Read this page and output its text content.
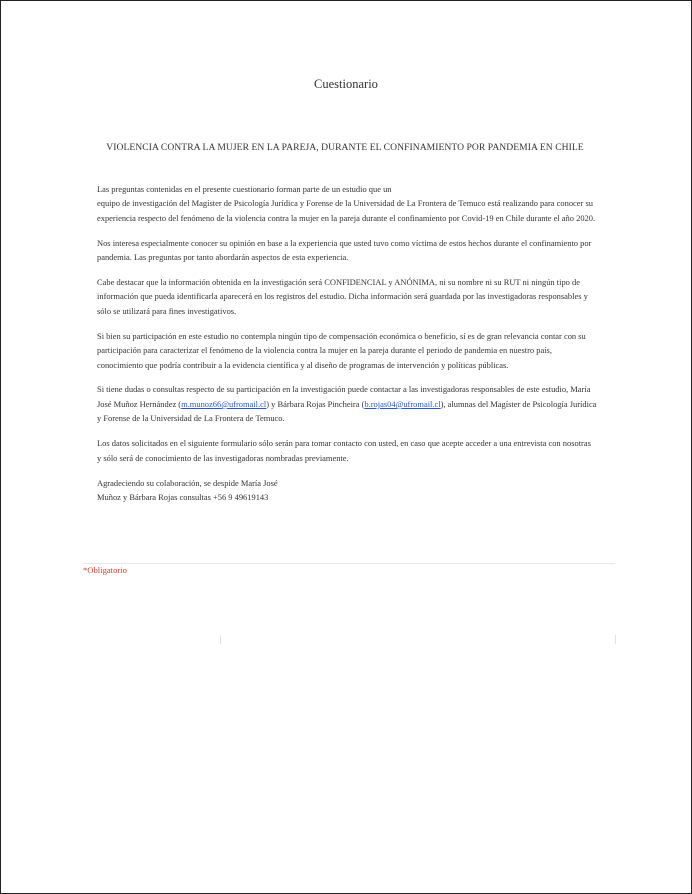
Cuestionario
VIOLENCIA CONTRA LA MUJER EN LA PAREJA, DURANTE EL CONFINAMIENTO POR PANDEMIA EN CHILE

Las preguntas contenidas en el presente cuestionario forman parte de un estudio que un
equipo de investigación del Magíster de Psicología Jurídica y Forense de la Universidad de La Frontera de Temuco está realizando para conocer su experiencia respecto del fenómeno de la violencia contra la mujer en la pareja durante el confinamiento por Covid-19 en Chile durante el año 2020.

Nos interesa especialmente conocer su opinión en base a la experiencia que usted tuvo como víctima de estos hechos durante el confinamiento por pandemia. Las preguntas por tanto abordarán aspectos de esta experiencia.

Cabe destacar que la información obtenida en la investigación será CONFIDENCIAL y ANÓNIMA, ni su nombre ni su RUT ni ningún tipo de información que pueda identificarla aparecerá en los registros del estudio. Dicha información será guardada por las investigadoras responsables y sólo se utilizará para fines investigativos.

Si bien su participación en este estudio no contempla ningún tipo de compensación económica o beneficio, sí es de gran relevancia contar con su participación para caracterizar el fenómeno de la violencia contra la mujer en la pareja durante el periodo de pandemia en nuestro país, conocimiento que podría contribuir a la evidencia científica y al diseño de programas de intervención y políticas públicas.

Si tiene dudas o consultas respecto de su participación en la investigación puede contactar a las investigadoras responsables de este estudio, María José Muñoz Hernández (m.munoz66@ufromail.cl) y Bárbara Rojas Pincheira (b.rojas04@ufromail.cl), alumnas del Magíster de Psicología Jurídica y Forense de la Universidad de La Frontera de Temuco.

Los datos solicitados en el siguiente formulario sólo serán para tomar contacto con usted, en caso que acepte acceder a una entrevista con nosotras y sólo será de conocimiento de las investigadoras nombradas previamente.

Agradeciendo su colaboración, se despide María José
Muñoz y Bárbara Rojas consultas +56 9 49619143

*Obligatorio
